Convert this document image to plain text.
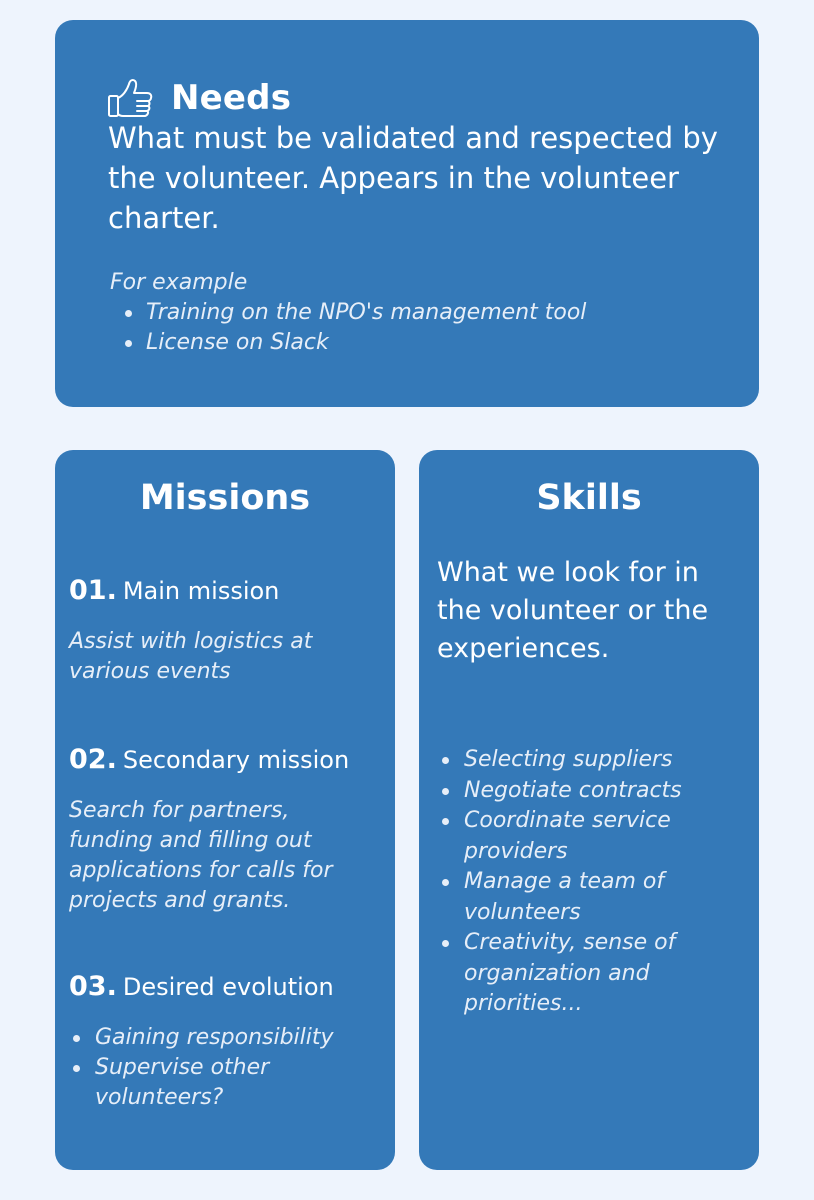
Needs
What must be validated and respected by the volunteer. Appears in the volunteer charter.
For example
Training on the NPO's management tool
License on Slack
Missions
01. Main mission
Assist with logistics at various events
02. Secondary mission
Search for partners, funding and filling out applications for calls for projects and grants.
03. Desired evolution
Gaining responsibility
Supervise other volunteers?
Skills
What we look for in the volunteer or the experiences.
Selecting suppliers
Negotiate contracts
Coordinate service providers
Manage a team of volunteers
Creativity, sense of organization and priorities...
